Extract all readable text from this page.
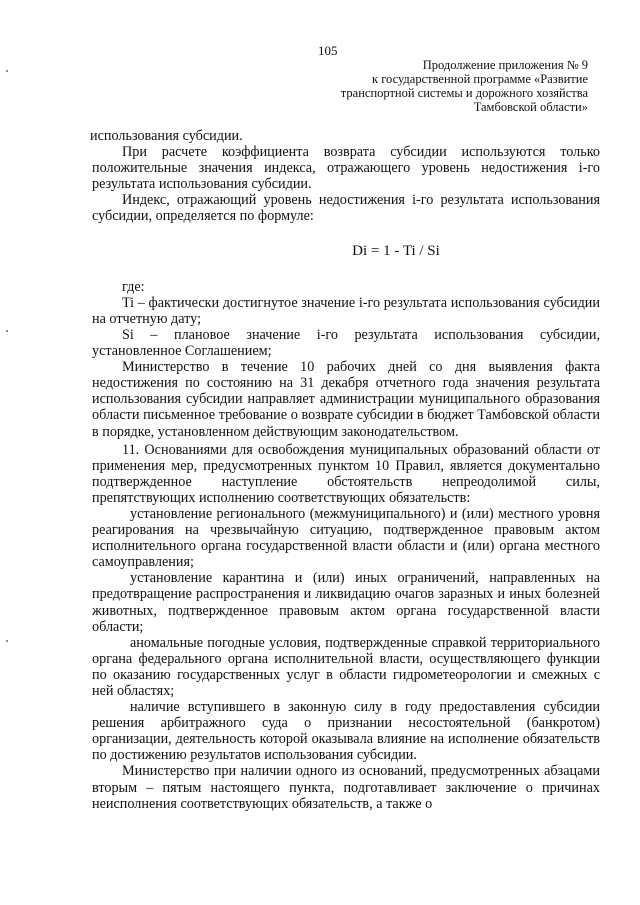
105
Продолжение приложения № 9
к государственной программе «Развитие
транспортной системы и дорожного хозяйства
Тамбовской области»

использования субсидии.

При расчете коэффициента возврата субсидии используются только положительные значения индекса, отражающего уровень недостижения i-го результата использования субсидии.

Индекс, отражающий уровень недостижения i-го результата использования субсидии, определяется по формуле:

Di = 1 - Ti / Si

где:

Ti – фактически достигнутое значение i-го результата использования субсидии на отчетную дату;

Si – плановое значение i-го результата использования субсидии, установленное Соглашением;

Министерство в течение 10 рабочих дней со дня выявления факта недостижения по состоянию на 31 декабря отчетного года значения результата использования субсидии направляет администрации муниципального образования области письменное требование о возврате субсидии в бюджет Тамбовской области в порядке, установленном действующим законодательством.

11. Основаниями для освобождения муниципальных образований области от применения мер, предусмотренных пунктом 10 Правил, является документально подтвержденное наступление обстоятельств непреодолимой силы, препятствующих исполнению соответствующих обязательств:

установление регионального (межмуниципального) и (или) местного уровня реагирования на чрезвычайную ситуацию, подтвержденное правовым актом исполнительного органа государственной власти области и (или) органа местного самоуправления;

установление карантина и (или) иных ограничений, направленных на предотвращение распространения и ликвидацию очагов заразных и иных болезней животных, подтвержденное правовым актом органа государственной власти области;

аномальные погодные условия, подтвержденные справкой территориального органа федерального органа исполнительной власти, осуществляющего функции по оказанию государственных услуг в области гидрометеорологии и смежных с ней областях;

наличие вступившего в законную силу в году предоставления субсидии решения арбитражного суда о признании несостоятельной (банкротом) организации, деятельность которой оказывала влияние на исполнение обязательств по достижению результатов использования субсидии.

Министерство при наличии одного из оснований, предусмотренных абзацами вторым – пятым настоящего пункта, подготавливает заключение о причинах неисполнения соответствующих обязательств, а также о
